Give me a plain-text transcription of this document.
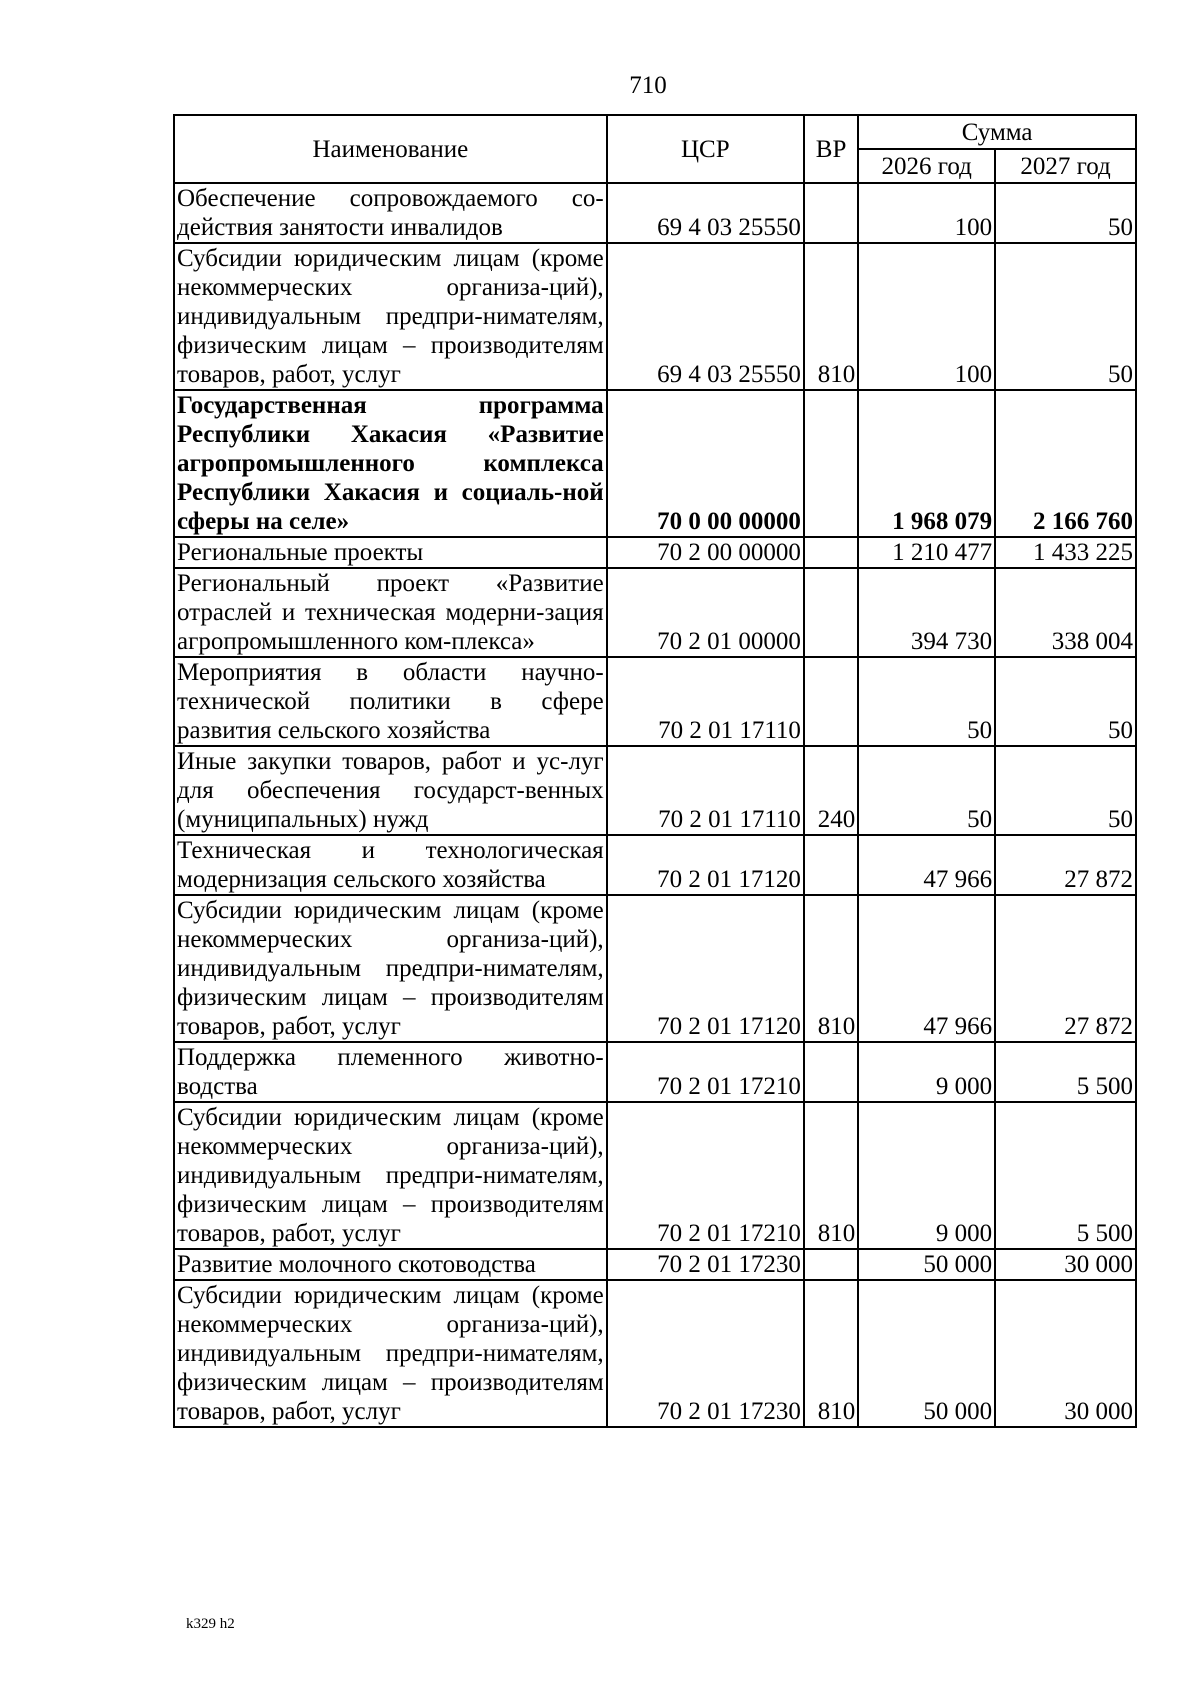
710
Наименование	ЦСР	ВР	Сумма	
			2026 год	2027 год
Обеспечение сопровождаемого со-действия занятости инвалидов	69 4 03 25550		100	50
Субсидии юридическим лицам (кроме некоммерческих организа-ций), индивидуальным предпри-нимателям, физическим лицам – производителям товаров, работ, услуг	69 4 03 25550	810	100	50
Государственная программа Республики Хакасия «Развитие агропромышленного комплекса Республики Хакасия и социаль-ной сферы на селе»	70 0 00 00000		1 968 079	2 166 760
Региональные проекты	70 2 00 00000		1 210 477	1 433 225
Региональный проект «Развитие отраслей и техническая модерни-зация агропромышленного ком-плекса»	70 2 01 00000		394 730	338 004
Мероприятия в области научно-технической политики в сфере развития сельского хозяйства	70 2 01 17110		50	50
Иные закупки товаров, работ и ус-луг для обеспечения государст-венных (муниципальных) нужд	70 2 01 17110	240	50	50
Техническая и технологическая модернизация сельского хозяйства	70 2 01 17120		47 966	27 872
Субсидии юридическим лицам (кроме некоммерческих организа-ций), индивидуальным предпри-нимателям, физическим лицам – производителям товаров, работ, услуг	70 2 01 17120	810	47 966	27 872
Поддержка племенного животно-водства	70 2 01 17210		9 000	5 500
Субсидии юридическим лицам (кроме некоммерческих организа-ций), индивидуальным предпри-нимателям, физическим лицам – производителям товаров, работ, услуг	70 2 01 17210	810	9 000	5 500
Развитие молочного скотоводства	70 2 01 17230		50 000	30 000
Субсидии юридическим лицам (кроме некоммерческих организа-ций), индивидуальным предпри-нимателям, физическим лицам – производителям товаров, работ, услуг	70 2 01 17230	810	50 000	30 000
k329 h2
